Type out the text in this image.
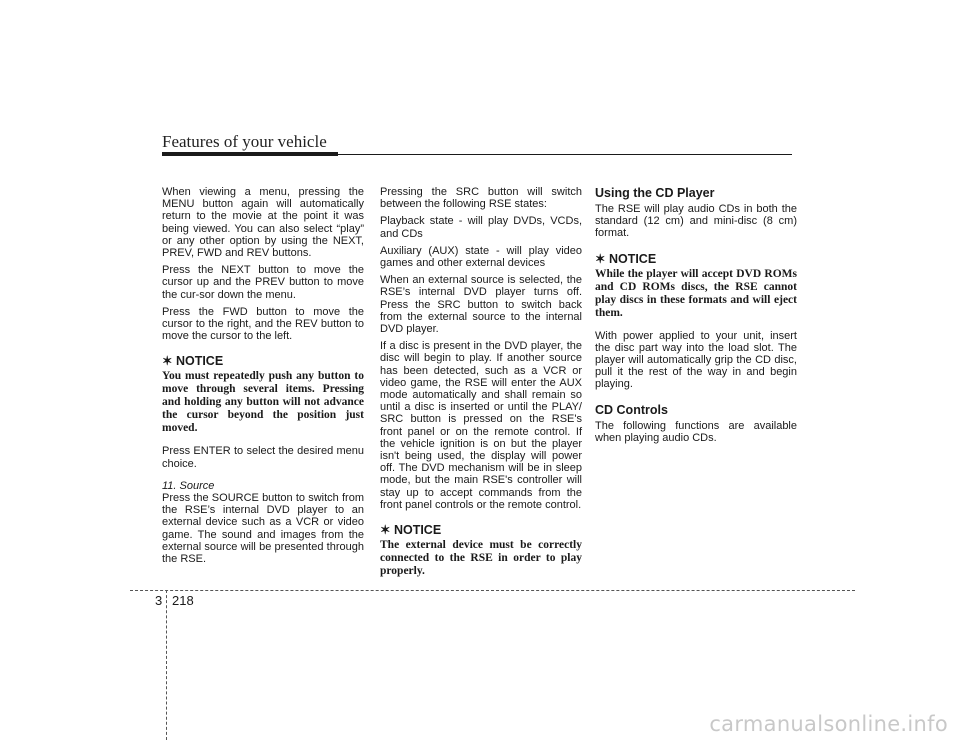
Features of your vehicle

When viewing a menu, pressing the MENU button again will automatically return to the movie at the point it was being viewed. You can also select “play” or any other option by using the NEXT, PREV, FWD and REV buttons.

Press the NEXT button to move the cursor up and the PREV button to move the cur-sor down the menu.

Press the FWD button to move the cursor to the right, and the REV button to move the cursor to the left.

✶ NOTICE
You must repeatedly push any button to move through several items. Pressing and holding any button will not advance the cursor beyond the position just moved.

Press ENTER to select the desired menu choice.

11. Source

Press the SOURCE button to switch from the RSE’s internal DVD player to an external device such as a VCR or video game. The sound and images from the external source will be presented through the RSE.

Pressing the SRC button will switch between the following RSE states:

Playback state - will play DVDs, VCDs, and CDs

Auxiliary (AUX) state - will play video games and other external devices

When an external source is selected, the RSE’s internal DVD player turns off. Press the SRC button to switch back from the external source to the internal DVD player.

If a disc is present in the DVD player, the disc will begin to play. If another source has been detected, such as a VCR or video game, the RSE will enter the AUX mode automatically and shall remain so until a disc is inserted or until the PLAY/ SRC button is pressed on the RSE's front panel or on the remote control. If the vehicle ignition is on but the player isn't being used, the display will power off. The DVD mechanism will be in sleep mode, but the main RSE's controller will stay up to accept commands from the front panel controls or the remote control.

✶ NOTICE
The external device must be correctly connected to the RSE in order to play properly.
Using the CD Player

The RSE will play audio CDs in both the standard (12 cm) and mini-disc (8 cm) format.

✶ NOTICE
While the player will accept DVD ROMs and CD ROMs discs, the RSE cannot play discs in these formats and will eject them.

With power applied to your unit, insert the disc part way into the load slot. The player will automatically grip the CD disc, pull it the rest of the way in and begin playing.

CD Controls

The following functions are available when playing audio CDs.

3 218
carmanualsonline.info
